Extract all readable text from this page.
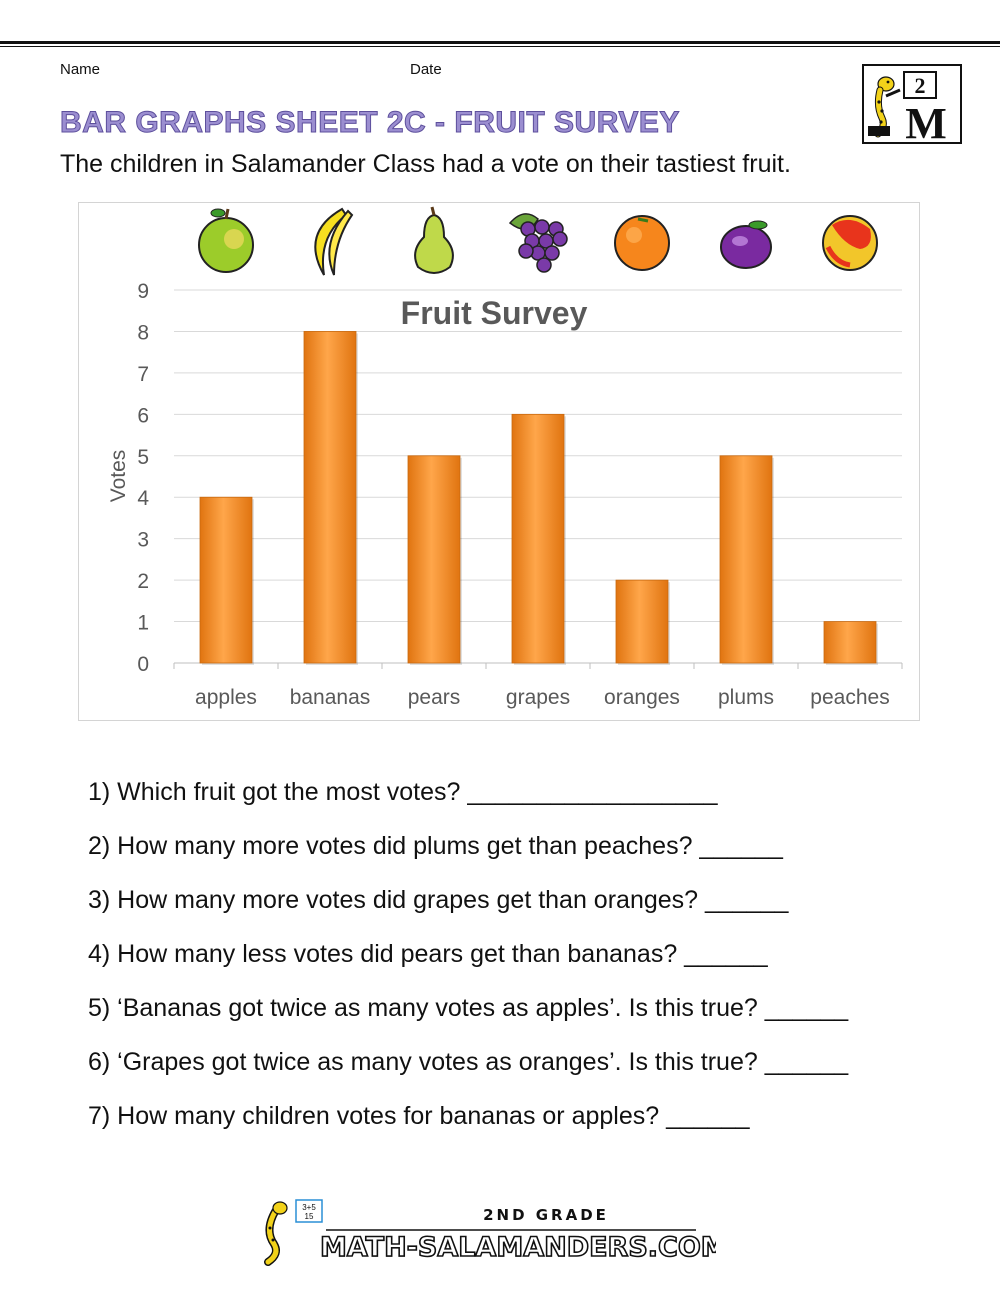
Name	Date
2
M
BAR GRAPHS SHEET 2C - FRUIT SURVEY
The children in Salamander Class had a vote on their tastiest fruit.
0
1
2
3
4
5
6
7
8
9
Fruit Survey
Votes
apples bananas pears grapes oranges plums peaches
1) Which fruit got the most votes? __________________
2) How many more votes did plums get than peaches? ______
3) How many more votes did grapes get than oranges? ______
4) How many less votes did pears get than bananas? ______
5) ‘Bananas got twice as many votes as apples’. Is this true? ______
6) ‘Grapes got twice as many votes as oranges’. Is this true? ______
7) How many children votes for bananas or apples? ______
3+5
15	2ND GRADE
MATH-SALAMANDERS.COM
